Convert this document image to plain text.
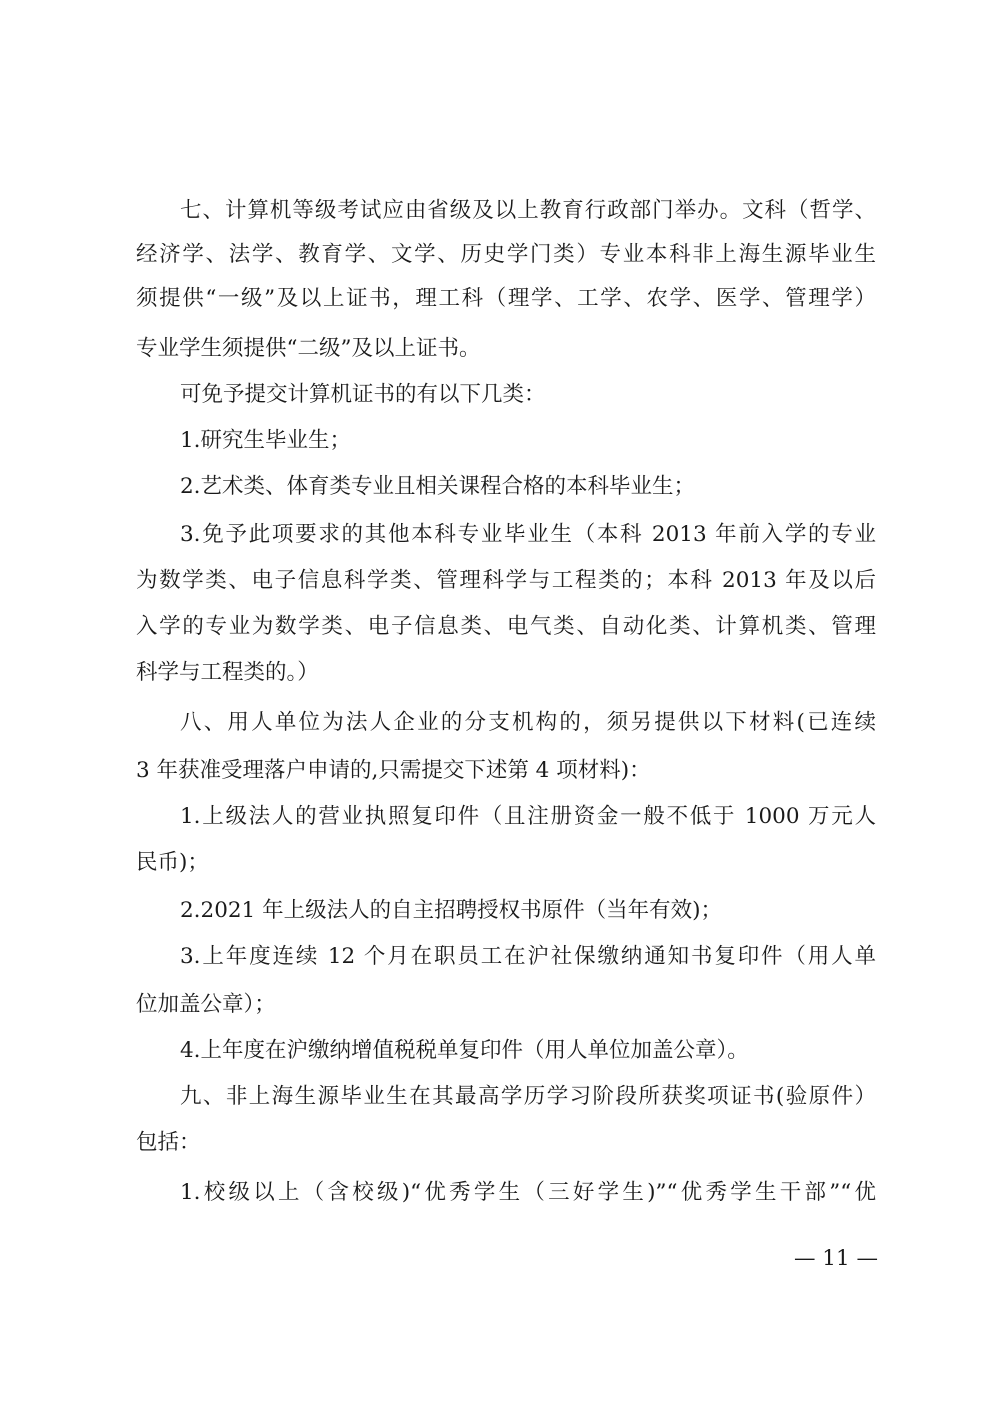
七、计算机等级考试应由省级及以上教育行政部门举办。文科（哲学、
经济学、法学、教育学、文学、历史学门类）专业本科非上海生源毕业生
须提供“一级”及以上证书，理工科（理学、工学、农学、医学、管理学）
专业学生须提供“二级”及以上证书。
可免予提交计算机证书的有以下几类：
1.研究生毕业生；
2.艺术类、体育类专业且相关课程合格的本科毕业生；
3.免予此项要求的其他本科专业毕业生（本科 2013 年前入学的专业
为数学类、电子信息科学类、管理科学与工程类的；本科 2013 年及以后
入学的专业为数学类、电子信息类、电气类、自动化类、计算机类、管理
科学与工程类的。）
八、用人单位为法人企业的分支机构的，须另提供以下材料(已连续
3 年获准受理落户申请的,只需提交下述第 4 项材料)：
1.上级法人的营业执照复印件（且注册资金一般不低于 1000 万元人
民币)；
2.2021 年上级法人的自主招聘授权书原件（当年有效)；
3.上年度连续 12 个月在职员工在沪社保缴纳通知书复印件（用人单
位加盖公章）；
4.上年度在沪缴纳增值税税单复印件（用人单位加盖公章）。
九、非上海生源毕业生在其最高学历学习阶段所获奖项证书(验原件）
包括：
1.校级以上（含校级)“优秀学生（三好学生)”“优秀学生干部”“优
— 11 —
